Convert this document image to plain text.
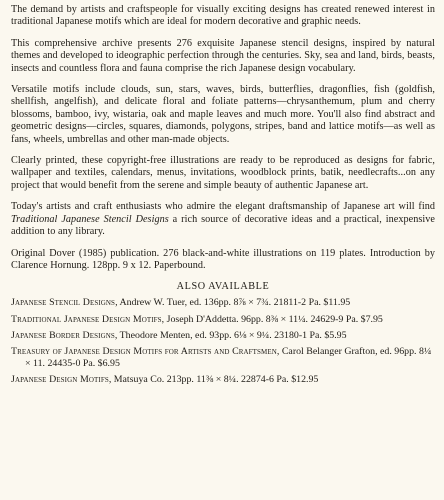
The demand by artists and craftspeople for visually exciting designs has created renewed interest in traditional Japanese motifs which are ideal for modern decorative and graphic needs.

This comprehensive archive presents 276 exquisite Japanese stencil designs, inspired by natural themes and developed to ideographic perfection through the centuries. Sky, sea and land, birds, beasts, insects and countless flora and fauna comprise the rich Japanese design vocabulary.

Versatile motifs include clouds, sun, stars, waves, birds, butterflies, dragonflies, fish (goldfish, shellfish, angelfish), and delicate floral and foliate patterns—chrysanthemum, plum and cherry blossoms, bamboo, ivy, wistaria, oak and maple leaves and much more. You'll also find abstract and geometric designs—circles, squares, diamonds, polygons, stripes, band and lattice motifs—as well as fans, wheels, umbrellas and other man-made objects.

Clearly printed, these copyright-free illustrations are ready to be reproduced as designs for fabric, wallpaper and textiles, calendars, menus, invitations, woodblock prints, batik, needlecrafts...on any project that would benefit from the serene and simple beauty of authentic Japanese art.

Today's artists and craft enthusiasts who admire the elegant draftsmanship of Japanese art will find Traditional Japanese Stencil Designs a rich source of decorative ideas and a practical, inexpensive addition to any library.

Original Dover (1985) publication. 276 black-and-white illustrations on 119 plates. Introduction by Clarence Hornung. 128pp. 9 x 12. Paperbound.

ALSO AVAILABLE
Japanese Stencil Designs, Andrew W. Tuer, ed. 136pp. 8⅞ × 7¾. 21811-2 Pa. $11.95
Traditional Japanese Design Motifs, Joseph D'Addetta. 96pp. 8⅜ × 11¼. 24629-9 Pa. $7.95
Japanese Border Designs, Theodore Menten, ed. 93pp. 6⅛ × 9¼. 23180-1 Pa. $5.95
Treasury of Japanese Design Motifs for Artists and Craftsmen, Carol Belanger Grafton, ed. 96pp. 8¼ × 11. 24435-0 Pa. $6.95
Japanese Design Motifs, Matsuya Co. 213pp. 11⅜ × 8¼. 22874-6 Pa. $12.95
